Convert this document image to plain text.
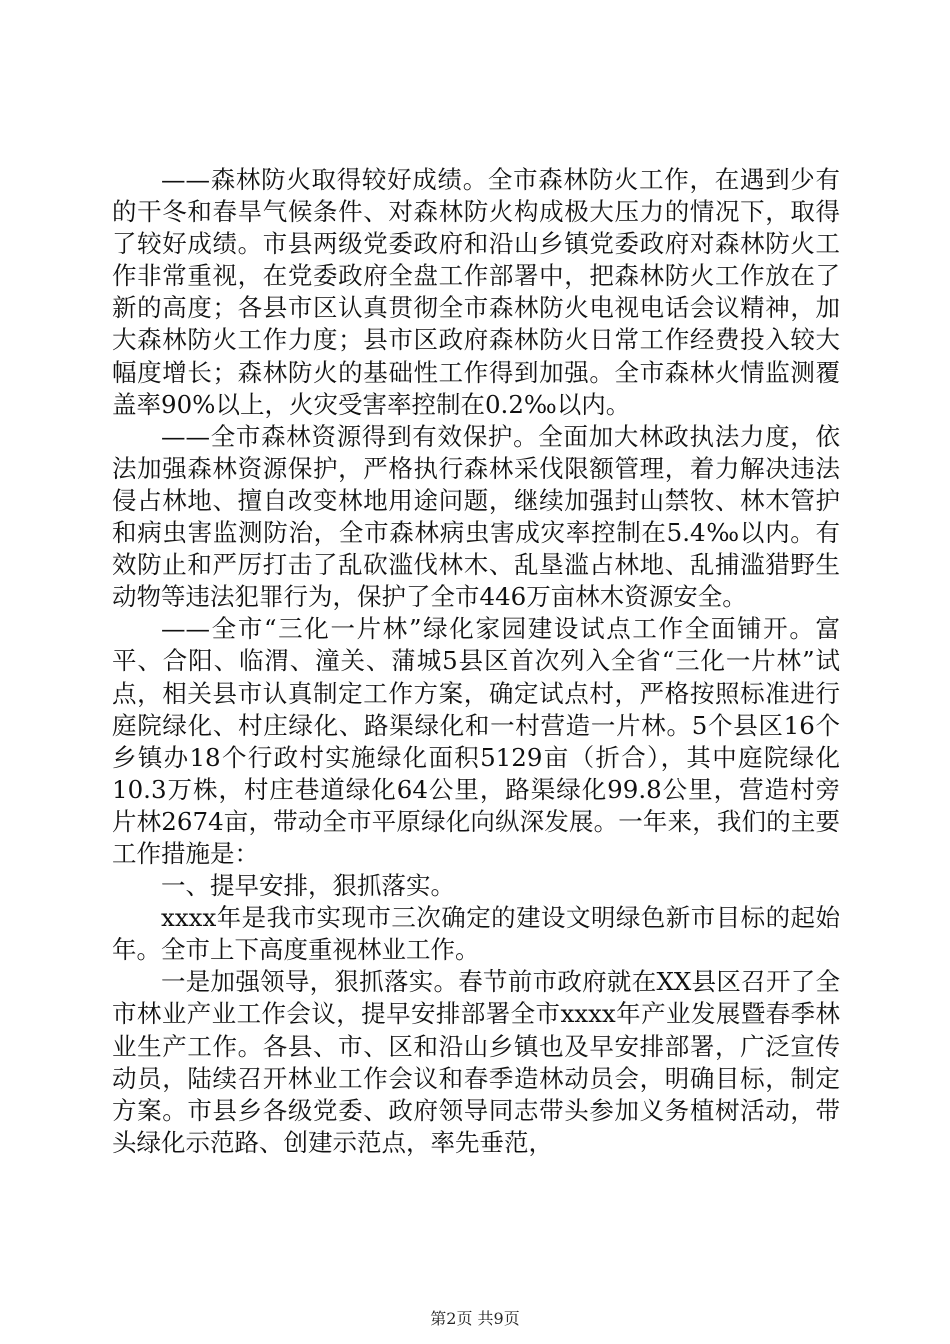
——森林防火取得较好成绩。全市森林防火工作，在遇到少有的干冬和春旱气候条件、对森林防火构成极大压力的情况下，取得了较好成绩。市县两级党委政府和沿山乡镇党委政府对森林防火工作非常重视，在党委政府全盘工作部署中，把森林防火工作放在了新的高度；各县市区认真贯彻全市森林防火电视电话会议精神，加大森林防火工作力度；县市区政府森林防火日常工作经费投入较大幅度增长；森林防火的基础性工作得到加强。全市森林火情监测覆盖率90%以上，火灾受害率控制在0.2‰以内。

——全市森林资源得到有效保护。全面加大林政执法力度，依法加强森林资源保护，严格执行森林采伐限额管理，着力解决违法侵占林地、擅自改变林地用途问题，继续加强封山禁牧、林木管护和病虫害监测防治，全市森林病虫害成灾率控制在5.4‰以内。有效防止和严厉打击了乱砍滥伐林木、乱垦滥占林地、乱捕滥猎野生动物等违法犯罪行为，保护了全市446万亩林木资源安全。

——全市“三化一片林”绿化家园建设试点工作全面铺开。富平、合阳、临渭、潼关、蒲城5县区首次列入全省“三化一片林”试点，相关县市认真制定工作方案，确定试点村，严格按照标准进行庭院绿化、村庄绿化、路渠绿化和一村营造一片林。5个县区16个乡镇办18个行政村实施绿化面积5129亩（折合），其中庭院绿化10.3万株，村庄巷道绿化64公里，路渠绿化99.8公里，营造村旁片林2674亩，带动全市平原绿化向纵深发展。一年来，我们的主要工作措施是：

一、提早安排，狠抓落实。

xxxx年是我市实现市三次确定的建设文明绿色新市目标的起始年。全市上下高度重视林业工作。

一是加强领导，狠抓落实。春节前市政府就在XX县区召开了全市林业产业工作会议，提早安排部署全市xxxx年产业发展暨春季林业生产工作。各县、市、区和沿山乡镇也及早安排部署，广泛宣传动员，陆续召开林业工作会议和春季造林动员会，明确目标，制定方案。市县乡各级党委、政府领导同志带头参加义务植树活动，带头绿化示范路、创建示范点，率先垂范，

第2页 共9页
